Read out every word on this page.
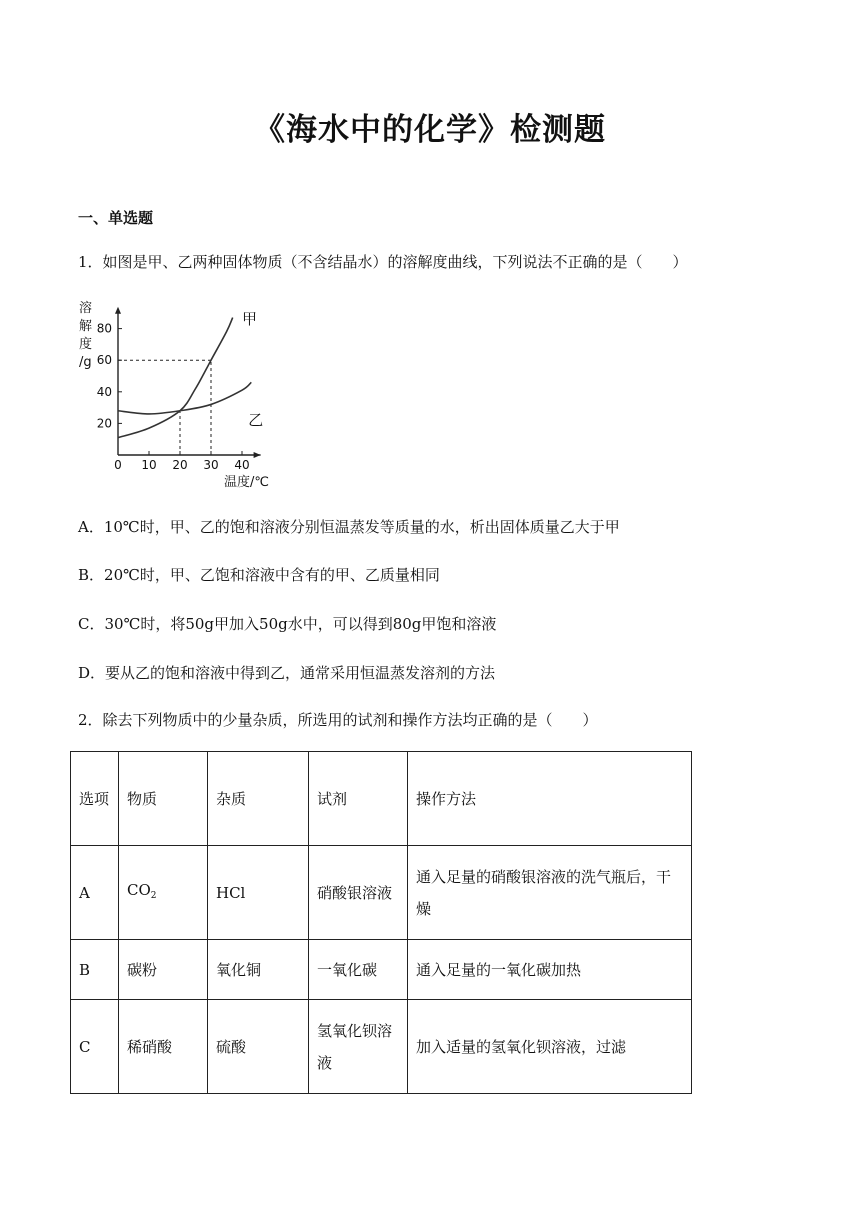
《海水中的化学》检测题
一、单选题
1．如图是甲、乙两种固体物质（不含结晶水）的溶解度曲线，下列说法不正确的是（　　）
0 10 20 30 40
20
40
60
80
甲
乙
溶
解
度
/g
温度/℃
A．10℃时，甲、乙的饱和溶液分别恒温蒸发等质量的水，析出固体质量乙大于甲
B．20℃时，甲、乙饱和溶液中含有的甲、乙质量相同
C．30℃时，将50g甲加入50g水中，可以得到80g甲饱和溶液
D．要从乙的饱和溶液中得到乙，通常采用恒温蒸发溶剂的方法
2．除去下列物质中的少量杂质，所选用的试剂和操作方法均正确的是（　　）
选项	物质	杂质	试剂	操作方法
A	$CO_2$	HCl	硝酸银溶液	通入足量的硝酸银溶液的洗气瓶后，干燥
B	碳粉	氧化铜	一氧化碳	通入足量的一氧化碳加热
C	稀硝酸	硫酸	氢氧化钡溶液	加入适量的氢氧化钡溶液，过滤
